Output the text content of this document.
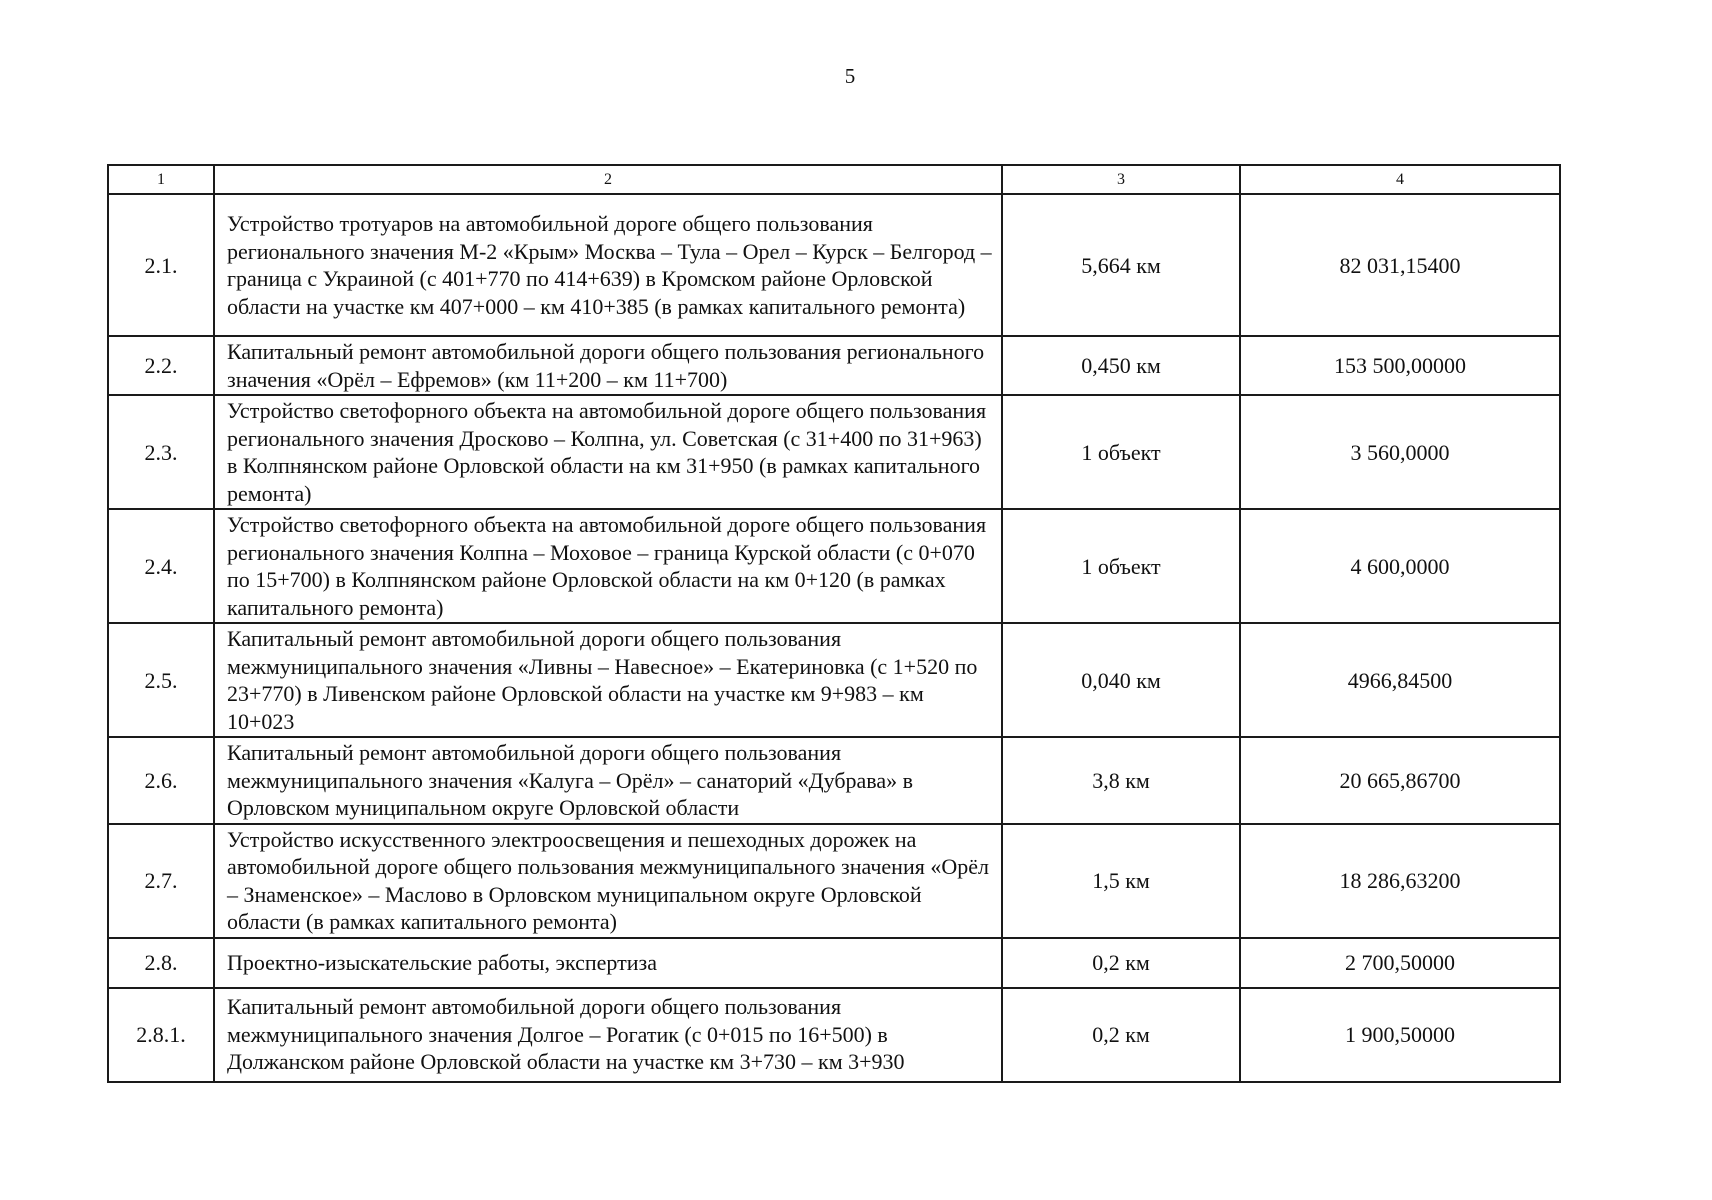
5
1	2	3	4
2.1.	Устройство тротуаров на автомобильной дороге общего пользования регионального значения М-2 «Крым» Москва – Тула – Орел – Курск – Белгород – граница с Украиной (с 401+770 по 414+639) в Кромском районе Орловской области на участке км 407+000 – км 410+385 (в рамках капитального ремонта)	5,664 км	82 031,15400
2.2.	Капитальный ремонт автомобильной дороги общего пользования регионального значения «Орёл – Ефремов» (км 11+200 – км 11+700)	0,450 км	153 500,00000
2.3.	Устройство светофорного объекта на автомобильной дороге общего пользования регионального значения Дросково – Колпна, ул. Советская (с 31+400 по 31+963) в Колпнянском районе Орловской области на км 31+950 (в рамках капитального ремонта)	1 объект	3 560,0000
2.4.	Устройство светофорного объекта на автомобильной дороге общего пользования регионального значения Колпна – Моховое – граница Курской области (с 0+070 по 15+700) в Колпнянском районе Орловской области на км 0+120 (в рамках капитального ремонта)	1 объект	4 600,0000
2.5.	Капитальный ремонт автомобильной дороги общего пользования межмуниципального значения «Ливны – Навесное» – Екатериновка (с 1+520 по 23+770) в Ливенском районе Орловской области на участке км 9+983 – км 10+023	0,040 км	4966,84500
2.6.	Капитальный ремонт автомобильной дороги общего пользования межмуниципального значения «Калуга – Орёл» – санаторий «Дубрава» в Орловском муниципальном округе Орловской области	3,8 км	20 665,86700
2.7.	Устройство искусственного электроосвещения и пешеходных дорожек на автомобильной дороге общего пользования межмуниципального значения «Орёл – Знаменское» – Маслово в Орловском муниципальном округе Орловской области (в рамках капитального ремонта)	1,5 км	18 286,63200
2.8.	Проектно-изыскательские работы, экспертиза	0,2 км	2 700,50000
2.8.1.	Капитальный ремонт автомобильной дороги общего пользования межмуниципального значения Долгое – Рогатик (с 0+015 по 16+500) в Должанском районе Орловской области на участке км 3+730 – км 3+930	0,2 км	1 900,50000
